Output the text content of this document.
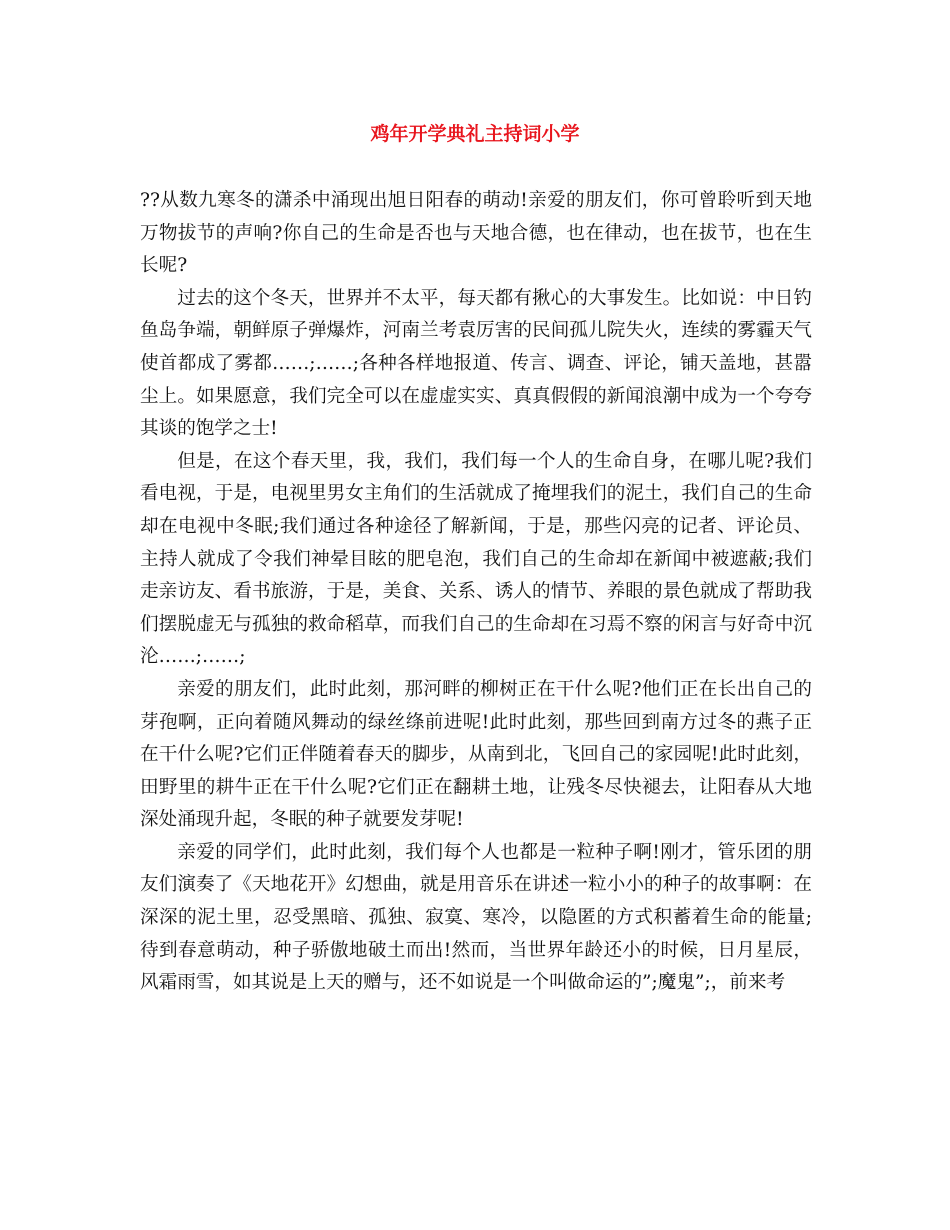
鸡年开学典礼主持词小学

??从数九寒冬的潇杀中涌现出旭日阳春的萌动!亲爱的朋友们，你可曾聆听到天地万物拔节的声响?你自己的生命是否也与天地合德，也在律动，也在拔节，也在生长呢?

过去的这个冬天，世界并不太平，每天都有揪心的大事发生。比如说：中日钓鱼岛争端，朝鲜原子弹爆炸，河南兰考袁厉害的民间孤儿院失火，连续的雾霾天气使首都成了雾都……;……;各种各样地报道、传言、调查、评论，铺天盖地，甚嚣尘上。如果愿意，我们完全可以在虚虚实实、真真假假的新闻浪潮中成为一个夸夸其谈的饱学之士!

但是，在这个春天里，我，我们，我们每一个人的生命自身，在哪儿呢?我们看电视，于是，电视里男女主角们的生活就成了掩埋我们的泥土，我们自己的生命却在电视中冬眠;我们通过各种途径了解新闻，于是，那些闪亮的记者、评论员、主持人就成了令我们神晕目眩的肥皂泡，我们自己的生命却在新闻中被遮蔽;我们走亲访友、看书旅游，于是，美食、关系、诱人的情节、养眼的景色就成了帮助我们摆脱虚无与孤独的救命稻草，而我们自己的生命却在习焉不察的闲言与好奇中沉沦……;……;

亲爱的朋友们，此时此刻，那河畔的柳树正在干什么呢?他们正在长出自己的芽孢啊，正向着随风舞动的绿丝绦前进呢!此时此刻，那些回到南方过冬的燕子正在干什么呢?它们正伴随着春天的脚步，从南到北，飞回自己的家园呢!此时此刻，田野里的耕牛正在干什么呢?它们正在翻耕土地，让残冬尽快褪去，让阳春从大地深处涌现升起，冬眠的种子就要发芽呢!

亲爱的同学们，此时此刻，我们每个人也都是一粒种子啊!刚才，管乐团的朋友们演奏了《天地花开》幻想曲，就是用音乐在讲述一粒小小的种子的故事啊：在深深的泥土里，忍受黑暗、孤独、寂寞、寒冷，以隐匿的方式积蓄着生命的能量;待到春意萌动，种子骄傲地破土而出!然而，当世界年龄还小的时候，日月星辰，风霜雨雪，如其说是上天的赠与，还不如说是一个叫做命运的”;魔鬼”;，前来考
